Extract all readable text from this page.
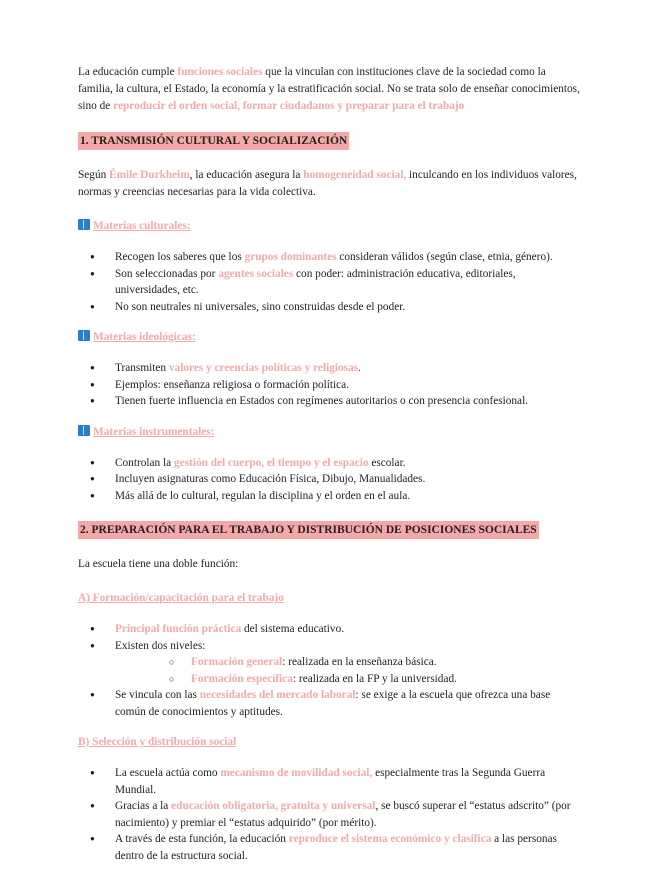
La educación cumple funciones sociales que la vinculan con instituciones clave de la sociedad como la familia, la cultura, el Estado, la economía y la estratificación social. No se trata solo de enseñar conocimientos, sino de reproducir el orden social, formar ciudadanos y preparar para el trabajo

1. TRANSMISIÓN CULTURAL Y SOCIALIZACIÓN

Según Émile Durkheim, la educación asegura la homogeneidad social, inculcando en los individuos valores, normas y creencias necesarias para la vida colectiva.

Materias culturales:

● Recogen los saberes que los grupos dominantes consideran válidos (según clase, etnia, género).
● Son seleccionadas por agentes sociales con poder: administración educativa, editoriales, universidades, etc.
● No son neutrales ni universales, sino construidas desde el poder.

Materias ideológicas:

● Transmiten valores y creencias políticas y religiosas.
● Ejemplos: enseñanza religiosa o formación política.
● Tienen fuerte influencia en Estados con regímenes autoritarios o con presencia confesional.

Materias instrumentales:

● Controlan la gestión del cuerpo, el tiempo y el espacio escolar.
● Incluyen asignaturas como Educación Física, Dibujo, Manualidades.
● Más allá de lo cultural, regulan la disciplina y el orden en el aula.
2. PREPARACIÓN PARA EL TRABAJO Y DISTRIBUCIÓN DE POSICIONES SOCIALES

La escuela tiene una doble función:

A) Formación/capacitación para el trabajo

● Principal función práctica del sistema educativo.
● Existen dos niveles:
○ Formación general: realizada en la enseñanza básica.
○ Formación específica: realizada en la FP y la universidad.
● Se vincula con las necesidades del mercado laboral: se exige a la escuela que ofrezca una base común de conocimientos y aptitudes.

B) Selección y distribución social

● La escuela actúa como mecanismo de movilidad social, especialmente tras la Segunda Guerra Mundial.
● Gracias a la educación obligatoria, gratuita y universal, se buscó superar el “estatus adscrito” (por nacimiento) y premiar el “estatus adquirido” (por mérito).
● A través de esta función, la educación reproduce el sistema económico y clasifica a las personas dentro de la estructura social.
